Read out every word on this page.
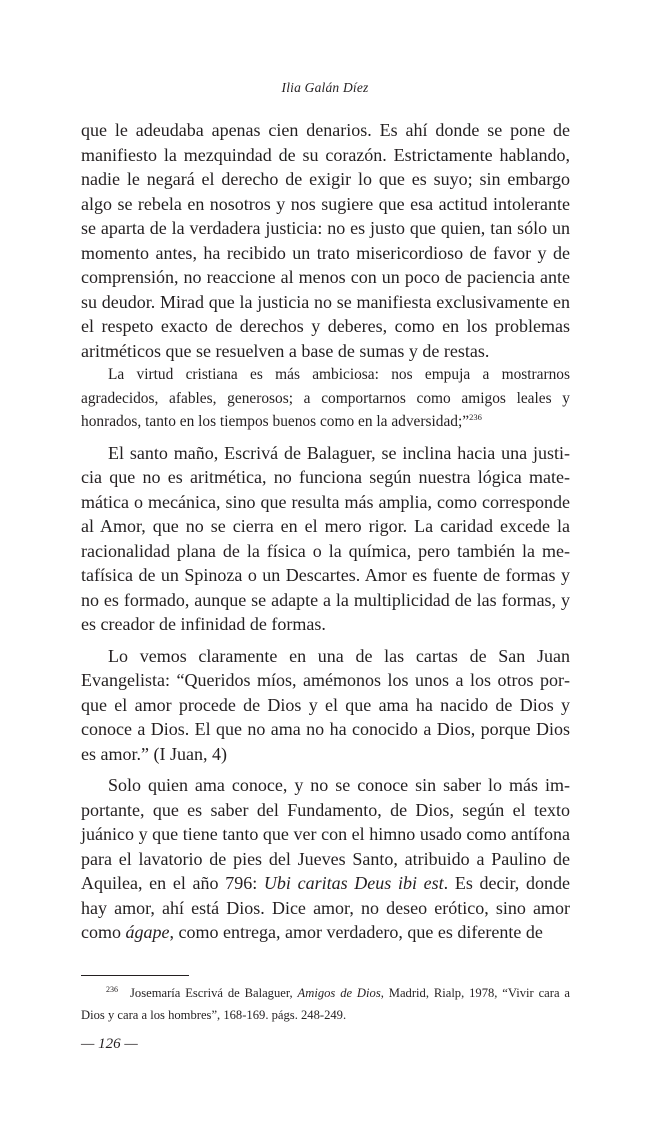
Ilia Galán Díez

que le adeudaba apenas cien denarios. Es ahí donde se pone de manifiesto la mezquindad de su corazón. Estrictamente hablando, nadie le negará el derecho de exigir lo que es suyo; sin embargo algo se rebela en nosotros y nos sugiere que esa actitud intolerante se aparta de la verdadera justicia: no es justo que quien, tan sólo un momento antes, ha recibido un trato misericordioso de favor y de comprensión, no reaccione al menos con un poco de paciencia ante su deudor. Mirad que la justicia no se manifiesta exclusivamente en el respeto exacto de derechos y deberes, como en los problemas aritméticos que se resuelven a base de sumas y de restas.

La virtud cristiana es más ambiciosa: nos empuja a mostrarnos agradecidos, afables, generosos; a comportarnos como amigos leales y honrados, tanto en los tiempos buenos como en la adversidad;”$^{236}$

El santo maño, Escrivá de Balaguer, se inclina hacia una justicia que no es aritmética, no funciona según nuestra lógica matemática o mecánica, sino que resulta más amplia, como corresponde al Amor, que no se cierra en el mero rigor. La caridad excede la racionalidad plana de la física o la química, pero también la metafísica de un Spinoza o un Descartes. Amor es fuente de formas y no es formado, aunque se adapte a la multiplicidad de las formas, y es creador de infinidad de formas.

Lo vemos claramente en una de las cartas de San Juan Evangelista: “Queridos míos, amémonos los unos a los otros porque el amor procede de Dios y el que ama ha nacido de Dios y conoce a Dios. El que no ama no ha conocido a Dios, porque Dios es amor.” (I Juan, 4)

Solo quien ama conoce, y no se conoce sin saber lo más importante, que es saber del Fundamento, de Dios, según el texto juánico y que tiene tanto que ver con el himno usado como antífona para el lavatorio de pies del Jueves Santo, atribuido a Paulino de Aquilea, en el año 796: Ubi caritas Deus ibi est. Es decir, donde hay amor, ahí está Dios. Dice amor, no deseo erótico, sino amor como ágape, como entrega, amor verdadero, que es diferente de

236 Josemaría Escrivá de Balaguer, Amigos de Dios, Madrid, Rialp, 1978, “Vivir cara a Dios y cara a los hombres”, 168-169. págs. 248-249.
— 126 —
